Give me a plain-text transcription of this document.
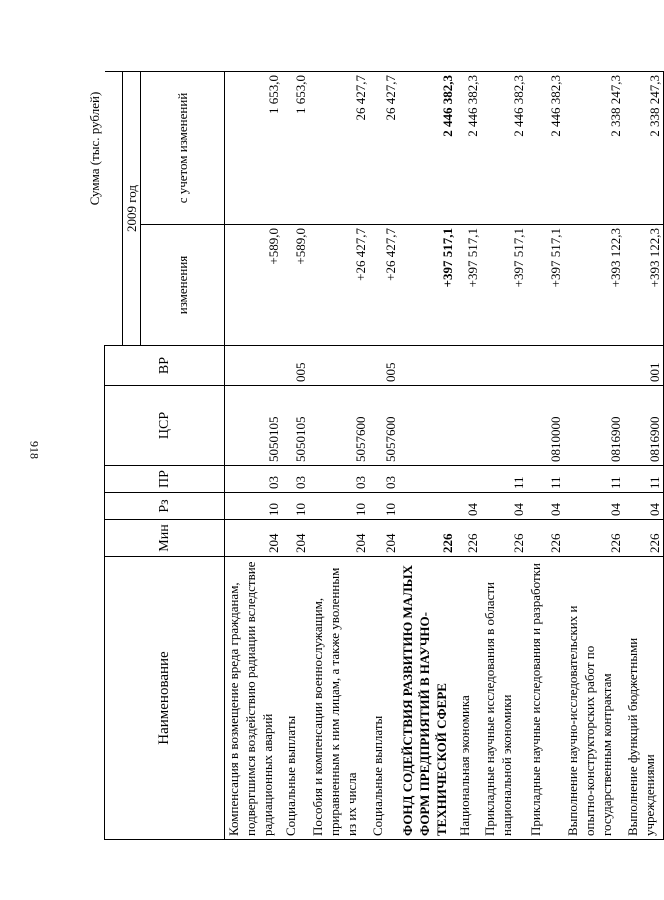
918
Сумма (тыс. рублей)
Наименование	Мин	Рз	ПР	ЦСР	ВР		
						2009 год	
						изменения	с учетом изменений
Компенсация в возмещение вреда гражданам, подвергшимся воздействию радиации вследствие радиационных аварий	204	10	03	5050105		+589,0	1 653,0
Социальные выплаты	204	10	03	5050105	005	+589,0	1 653,0
Пособия и компенсации военнослужащим, приравненным к ним лицам, а также уволенным из их числа	204	10	03	5057600		+26 427,7	26 427,7
Социальные выплаты	204	10	03	5057600	005	+26 427,7	26 427,7
ФОНД СОДЕЙСТВИЯ РАЗВИТИЮ МАЛЫХ ФОРМ ПРЕДПРИЯТИЙ В НАУЧНО-ТЕХНИЧЕСКОЙ СФЕРЕ	226					+397 517,1	2 446 382,3
Национальная экономика	226	04				+397 517,1	2 446 382,3
Прикладные научные исследования в области национальной экономики	226	04	11			+397 517,1	2 446 382,3
Прикладные научные исследования и разработки	226	04	11	0810000		+397 517,1	2 446 382,3
Выполнение научно-исследовательских и опытно-конструкторских работ по государственным контрактам	226	04	11	0816900		+393 122,3	2 338 247,3
Выполнение функций бюджетными учреждениями	226	04	11	0816900	001	+393 122,3	2 338 247,3
